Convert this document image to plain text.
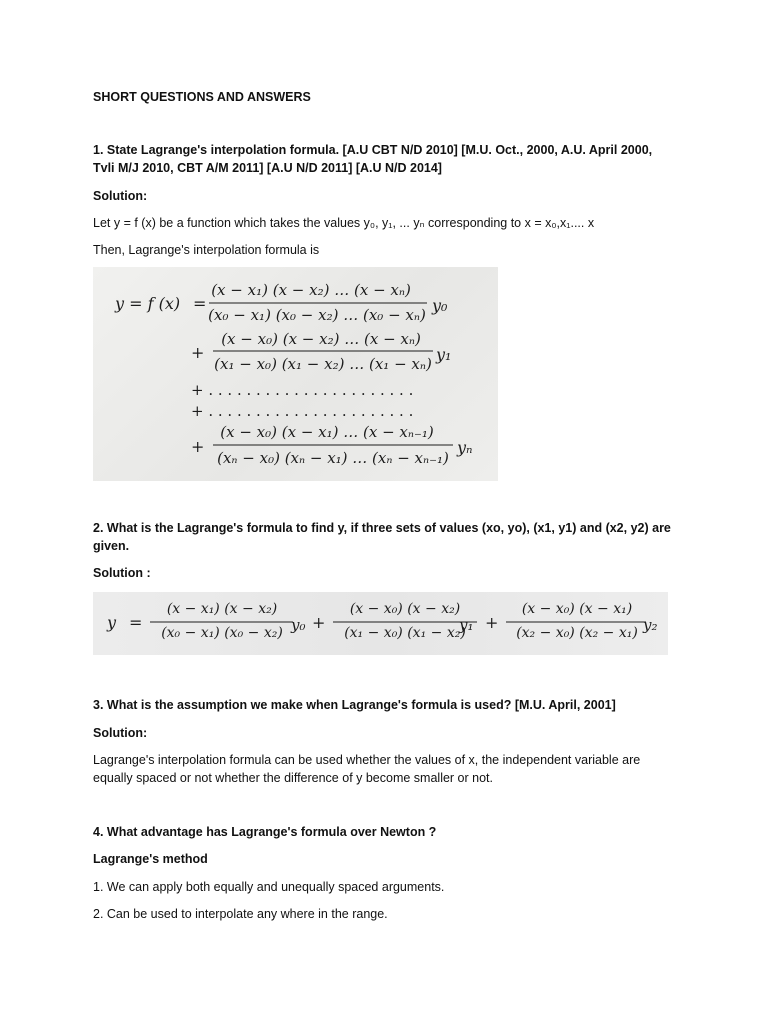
SHORT QUESTIONS AND ANSWERS

1. State Lagrange's interpolation formula. [A.U CBT N/D 2010] [M.U. Oct., 2000, A.U. April 2000,

Tvli M/J 2010, CBT A/M 2011] [A.U N/D 2011] [A.U N/D 2014]

Solution:

Let y = f (x) be a function which takes the values y₀, y₁, ... yₙ corresponding to x = x₀,x₁.... x

Then, Lagrange's interpolation formula is

y = f (x) =
(x − x₁) (x − x₂) … (x − xₙ)
(x₀ − x₁) (x₀ − x₂) … (x₀ − xₙ) y₀
+
(x − x₀) (x − x₂) … (x − xₙ)
(x₁ − x₀) (x₁ − x₂) … (x₁ − xₙ) y₁
+ . . . . . . . . . . . . . . . . . . . . . .
+ . . . . . . . . . . . . . . . . . . . . . .
+
(x − x₀) (x − x₁) … (x − xₙ₋₁)
(xₙ − x₀) (xₙ − x₁) … (xₙ − xₙ₋₁)
yₙ

2. What is the Lagrange's formula to find y, if three sets of values (xo, yo), (x1, y1) and (x2, y2) are

given.

Solution :

y =
(x − x₁) (x − x₂)
(x₀ − x₁) (x₀ − x₂) y₀ +
(x − x₀) (x − x₂)
(x₁ − x₀) (x₁ − x₂)
y₁ +
(x − x₀) (x − x₁)
(x₂ − x₀) (x₂ − x₁) y₂

3. What is the assumption we make when Lagrange's formula is used? [M.U. April, 2001]

Solution:

Lagrange's interpolation formula can be used whether the values of x, the independent variable are

equally spaced or not whether the difference of y become smaller or not.

4. What advantage has Lagrange's formula over Newton ?

Lagrange's method

1. We can apply both equally and unequally spaced arguments.

2. Can be used to interpolate any where in the range.
